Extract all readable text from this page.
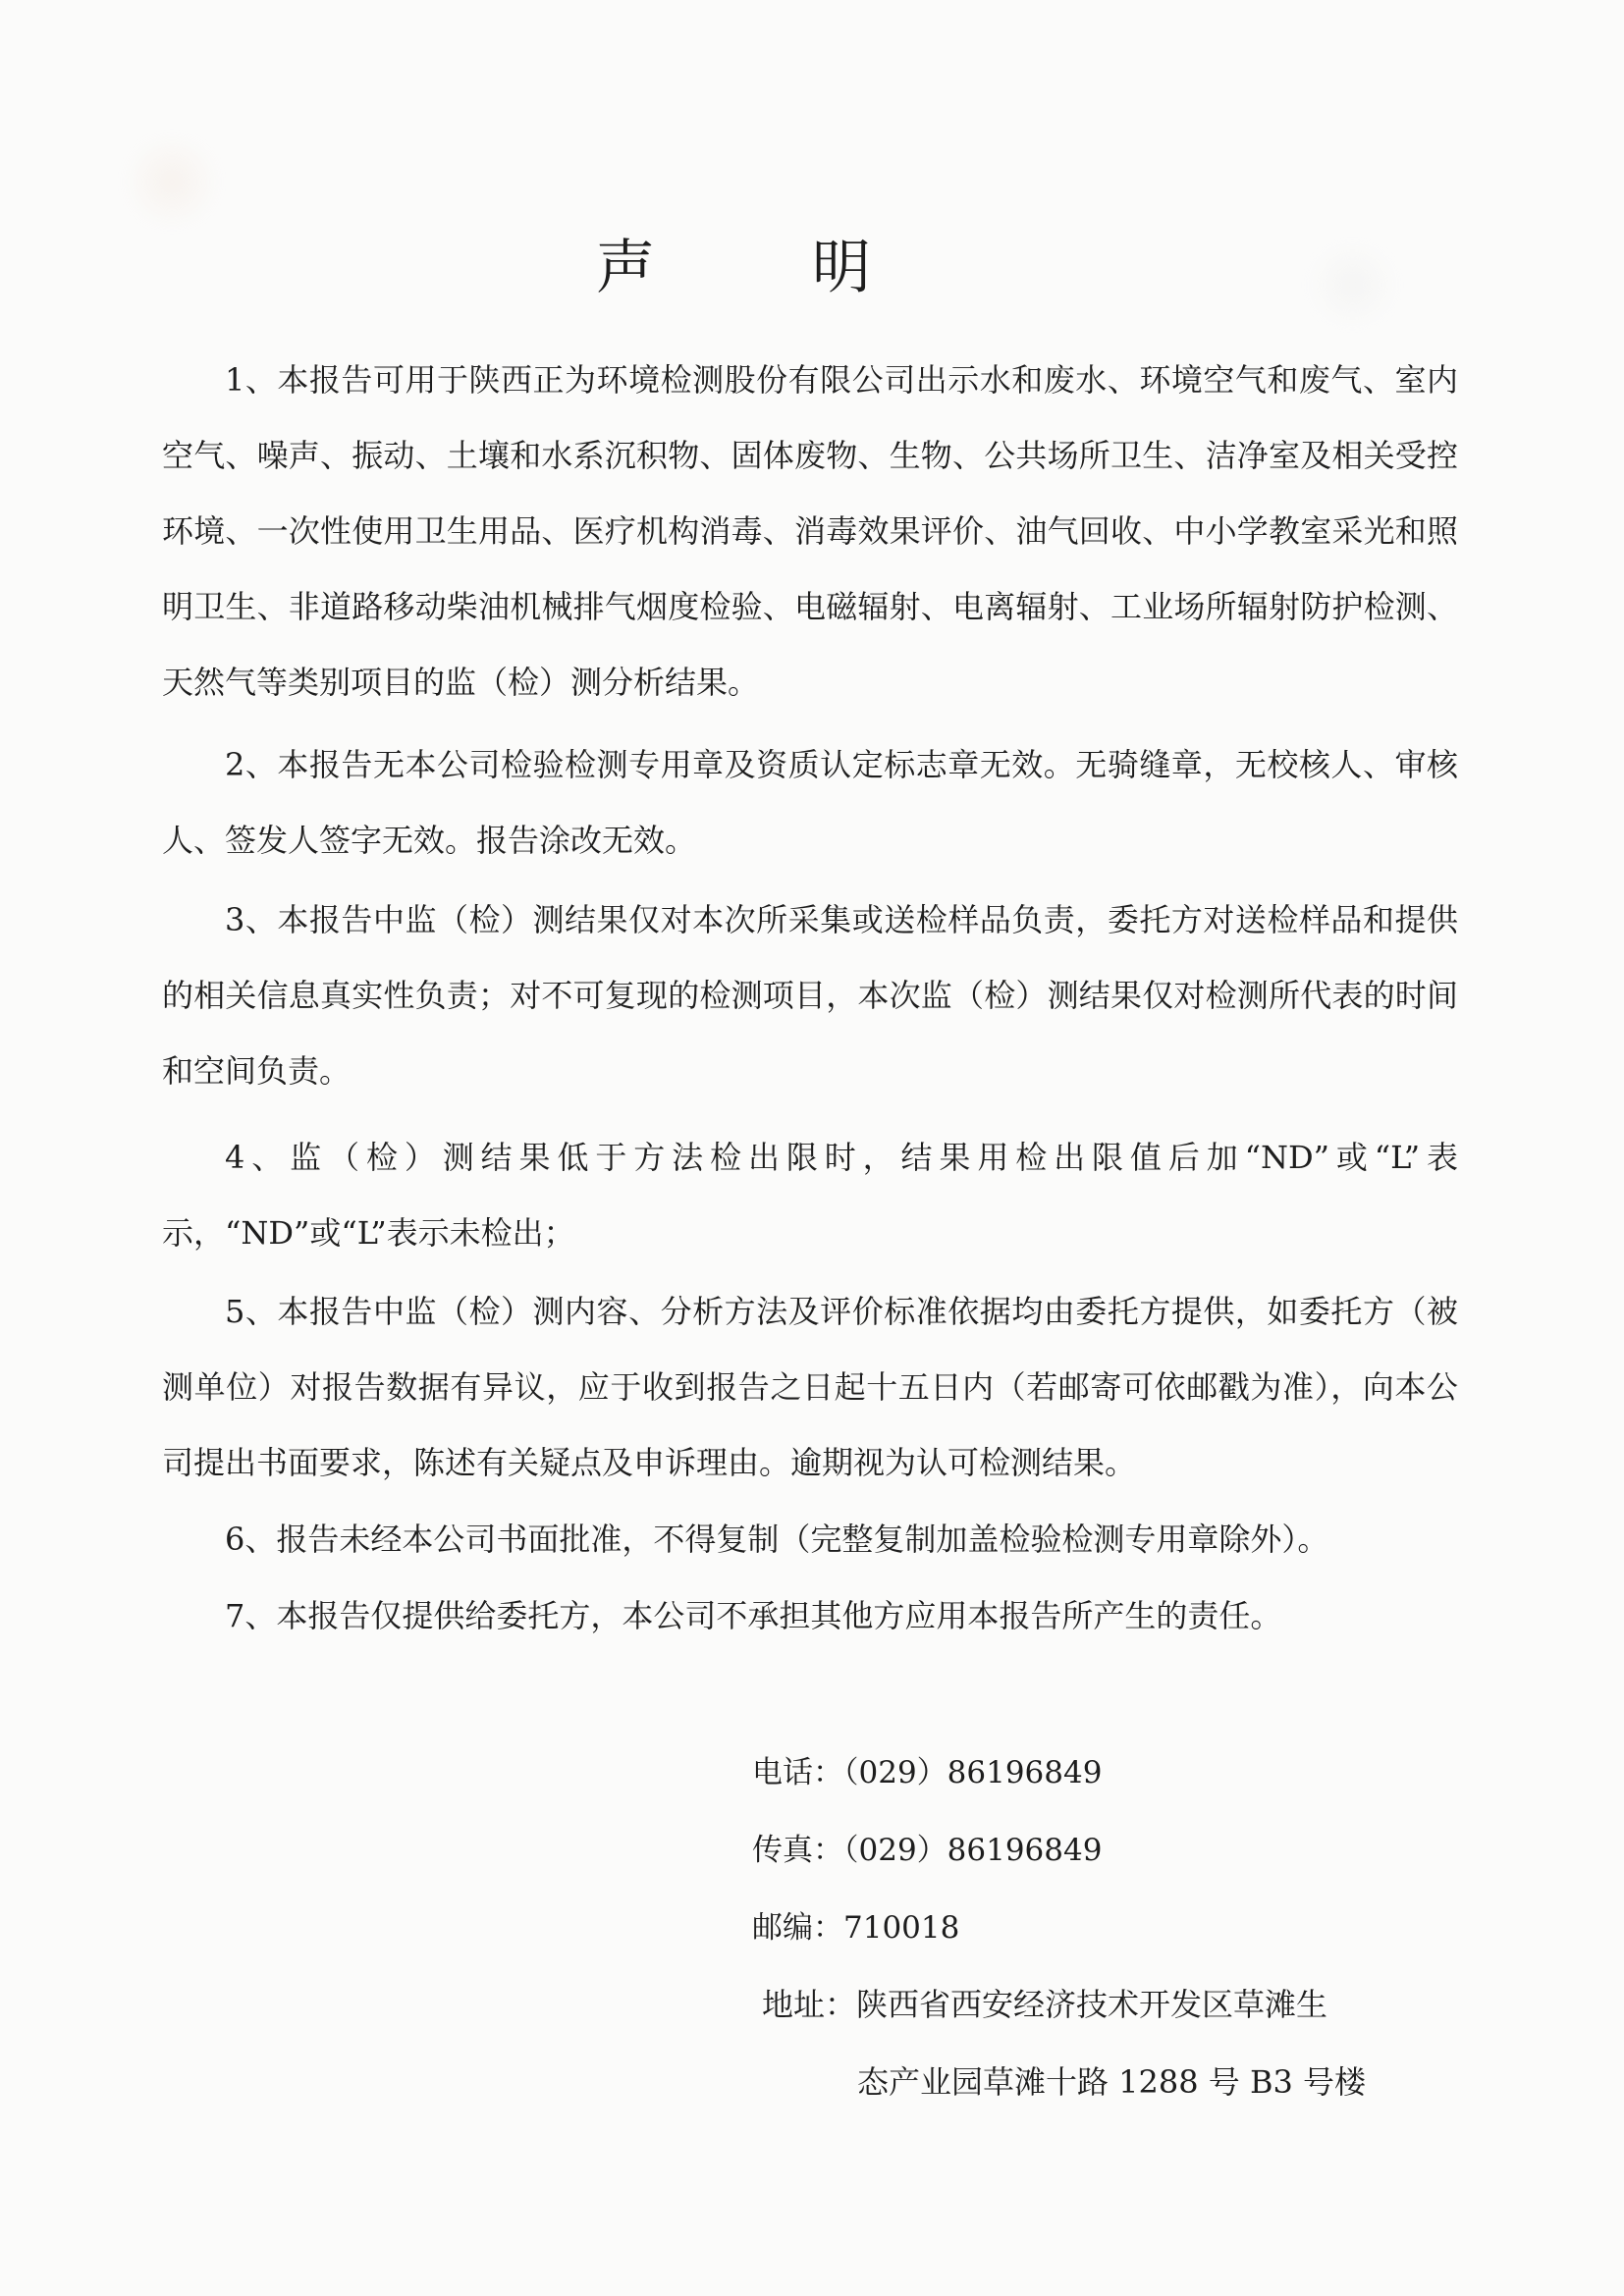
声明

1、本报告可用于陕西正为环境检测股份有限公司出示水和废水、环境空气和废气、室内空气、噪声、振动、土壤和水系沉积物、固体废物、生物、公共场所卫生、洁净室及相关受控环境、一次性使用卫生用品、医疗机构消毒、消毒效果评价、油气回收、中小学教室采光和照明卫生、非道路移动柴油机械排气烟度检验、电磁辐射、电离辐射、工业场所辐射防护检测、天然气等类别项目的监（检）测分析结果。

2、本报告无本公司检验检测专用章及资质认定标志章无效。无骑缝章，无校核人、审核人、签发人签字无效。报告涂改无效。

3、本报告中监（检）测结果仅对本次所采集或送检样品负责，委托方对送检样品和提供的相关信息真实性负责；对不可复现的检测项目，本次监（检）测结果仅对检测所代表的时间和空间负责。

4、监（检）测结果低于方法检出限时，结果用检出限值后加“ND”或“L”表示，“ND”或“L”表示未检出；

5、本报告中监（检）测内容、分析方法及评价标准依据均由委托方提供，如委托方（被测单位）对报告数据有异议，应于收到报告之日起十五日内（若邮寄可依邮戳为准），向本公司提出书面要求，陈述有关疑点及申诉理由。逾期视为认可检测结果。

6、报告未经本公司书面批准，不得复制（完整复制加盖检验检测专用章除外）。

7、本报告仅提供给委托方，本公司不承担其他方应用本报告所产生的责任。

电话：（029）86196849

传真：（029）86196849

邮编：710018

地址：陕西省西安经济技术开发区草滩生

态产业园草滩十路 1288 号 B3 号楼
